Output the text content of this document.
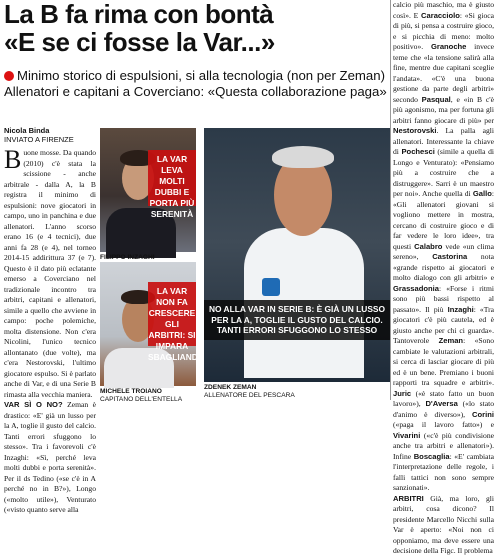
La B fa rima con bontà
«E se ci fosse la Var...»
Minimo storico di espulsioni, si alla tecnologia (non per Zeman) Allenatori e capitani a Coverciano: «Questa collaborazione paga»
Nicola Binda
INVIATO A FIRENZE
Buone mosse. Da quando (2010) c'è stata la scissione - anche arbitrale - dalla A, la B registra il minimo di espulsioni: nove giocatori in campo, uno in panchina e due allenatori. L'anno scorso erano 16 (e 4 tecnici), due anni fa 28 (e 4), nel torneo 2014-15 addirittura 37 (e 7). Questo è il dato più eclatante emerso a Coverciano nel tradizionale incontro tra arbitri, capitani e allenatori, simile a quello che avviene in campo: poche polemiche, molta distensione. Non c'era Nicolini, l'unico tecnico allontanato (due volte), ma c'era Nestorovski, l'ultimo giocatore espulso. Si è parlato anche di Var, e di una Serie B rimasta alla vecchia maniera.
VAR SÌ O NO? Zeman è drastico: «E' già un lusso per la A, toglie il gusto del calcio. Tanti errori sfuggono lo stesso». Tra i favorevoli c'è Inzaghi: «Sì, perché leva molti dubbi e porta serenità». Per il ds Tedino («se c'è in A perché no in B?»), Longo («molto utile»), Venturato («visto quanto serve alla
LA VAR LEVA MOLTI DUBBI E PORTA PIÙ SERENITÀ
FILIPPO INZAGHI
LA VAR NON FA CRESCERE GLI ARBITRI: SI IMPARA SBAGLIANDO
MICHELE TROIANO
CAPITANO DELL'ENTELLA
NO ALLA VAR IN SERIE B: È GIÀ UN LUSSO PER LA A, TOGLIE IL GUSTO DEL CALCIO. TANTI ERRORI SFUGGONO LO STESSO
ZDENEK ZEMAN
ALLENATORE DEL PESCARA
calcio più maschio, ma è giusto così». E Caracciolo: «Si gioca di più, si pensa a costruire gioco, e si picchia di meno: molto positivo». Granoche invece teme che «la tensione salirà alla fine, mentre due capitani sceglie l'andata». «C'è una buona gestione da parte degli arbitri» secondo Pasqual, e «in B c'è più agonismo, ma per fortuna gli arbitri fanno giocare di più» per Nestorovski. La palla agli allenatori. Interessante la chiave di Pochesci (simile a quella di Longo e Venturato): «Pensiamo più a costruire che a distruggere». Sarri è un maestro per noi». Anche quella di Gallo: «Gli allenatori giovani si vogliono mettere in mostra, cercano di costruire gioco e di far vedere le loro idee», tra questi Calabro vede «un clima sereno», Castorina nota «grande rispetto ai giocatori e molto dialogo con gli arbitri» e Grassadonia: «Forse i ritmi sono più bassi rispetto al passato». Il più Inzaghi: «Tra giocatori c'è più cautela, ed è giusto anche per chi ci guarda». Tantoverole Zeman: «Sono cambiate le valutazioni arbitrali, si cerca di lasciar giocare di più ed è un bene. Premiano i buoni rapporti tra squadre e arbitri». Juric («è stato fatto un buon lavoro»), D'Aversa («lo stato d'animo è diverso»), Corini («paga il lavoro fatto») e Vivarini («c'è più condivisione anche tra arbitri e allenatori»). Infine Boscaglia: «E' cambiata l'interpretazione delle regole, i falli tattici non sono sempre sanzionati».
ARBITRI Già, ma loro, gli arbitri, cosa dicono? Il presidente Marcello Nicchi sulla Var è aperto: «Noi non ci opponiamo, ma deve essere una decisione della Figc. Il problema
